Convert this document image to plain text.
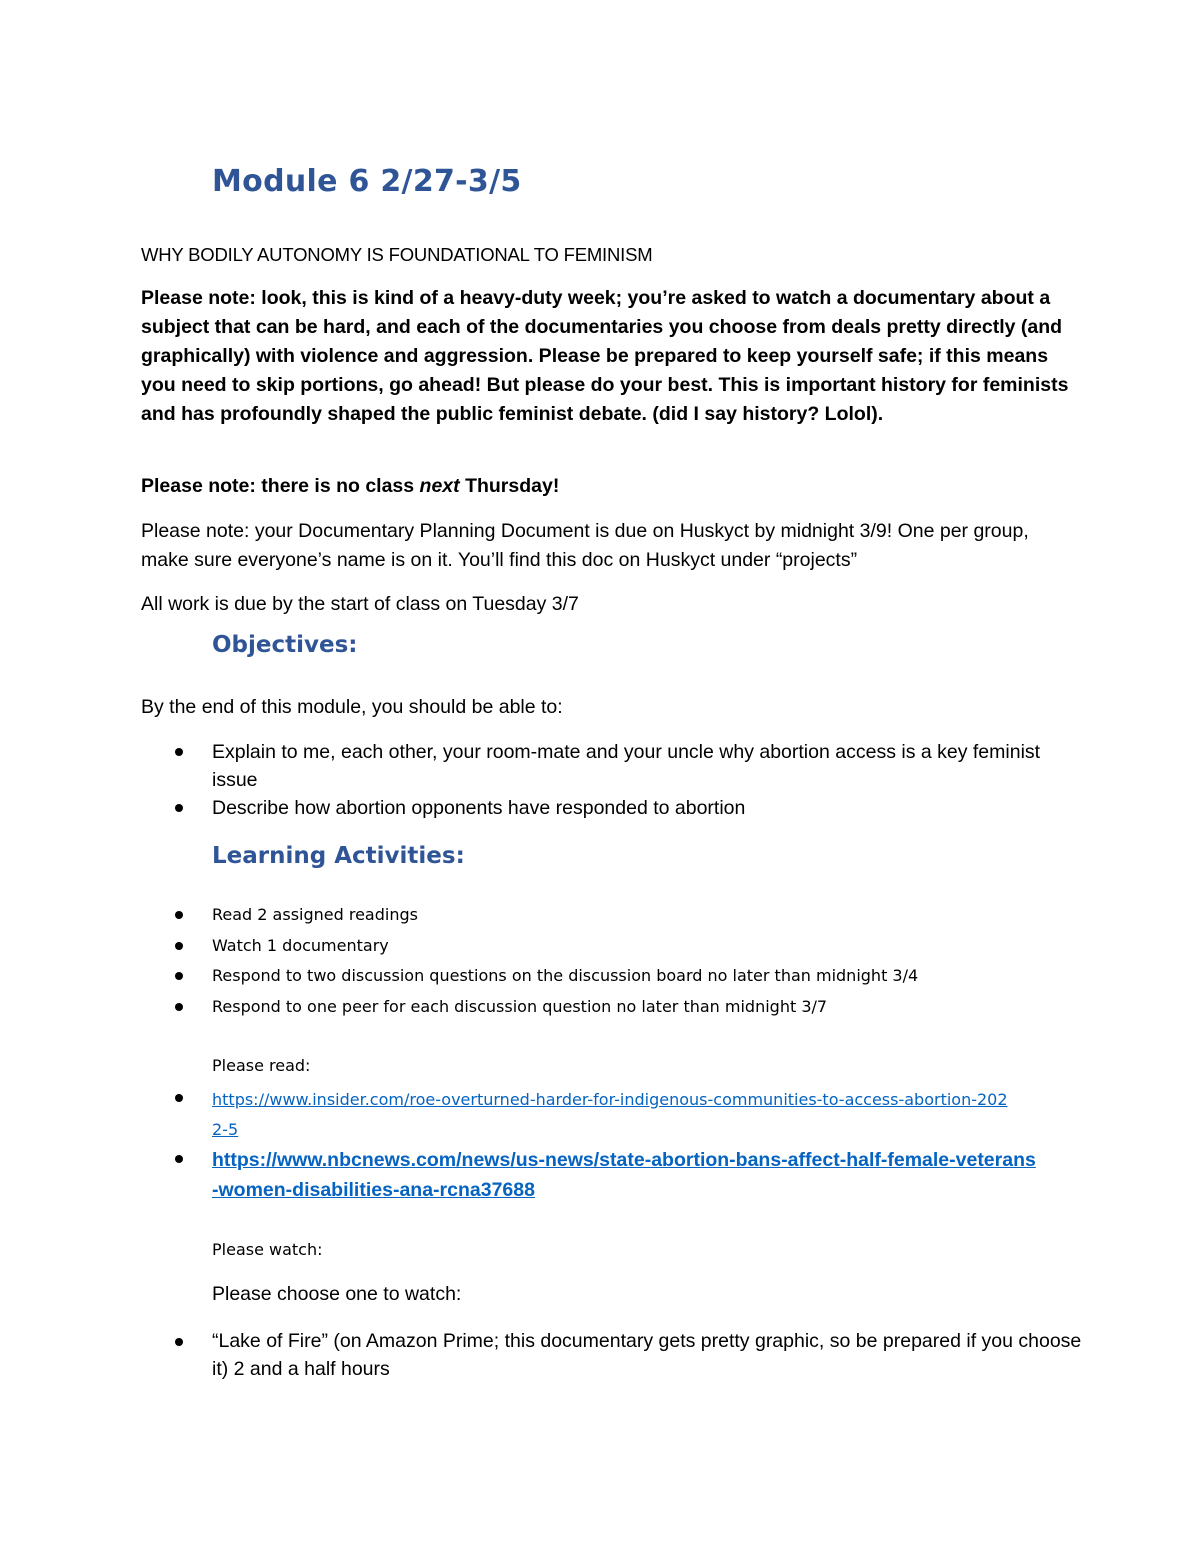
Module 6 2/27-3/5

WHY BODILY AUTONOMY IS FOUNDATIONAL TO FEMINISM

Please note: look, this is kind of a heavy-duty week; you’re asked to watch a documentary about a subject that can be hard, and each of the documentaries you choose from deals pretty directly (and graphically) with violence and aggression. Please be prepared to keep yourself safe; if this means you need to skip portions, go ahead! But please do your best. This is important history for feminists and has profoundly shaped the public feminist debate. (did I say history? Lolol).

Please note: there is no class next Thursday!

Please note: your Documentary Planning Document is due on Huskyct by midnight 3/9! One per group, make sure everyone’s name is on it. You’ll find this doc on Huskyct under “projects”

All work is due by the start of class on Tuesday 3/7

Objectives:

By the end of this module, you should be able to:

Explain to me, each other, your room-mate and your uncle why abortion access is a key feminist issue

Describe how abortion opponents have responded to abortion

Learning Activities:

Read 2 assigned readings

Watch 1 documentary

Respond to two discussion questions on the discussion board no later than midnight 3/4

Respond to one peer for each discussion question no later than midnight 3/7

Please read:

https://www.insider.com/roe-overturned-harder-for-indigenous-communities-to-access-abortion-2022-5

https://www.nbcnews.com/news/us-news/state-abortion-bans-affect-half-female-veterans-women-disabilities-ana-rcna37688

Please watch:

Please choose one to watch:

“Lake of Fire” (on Amazon Prime; this documentary gets pretty graphic, so be prepared if you choose it) 2 and a half hours
